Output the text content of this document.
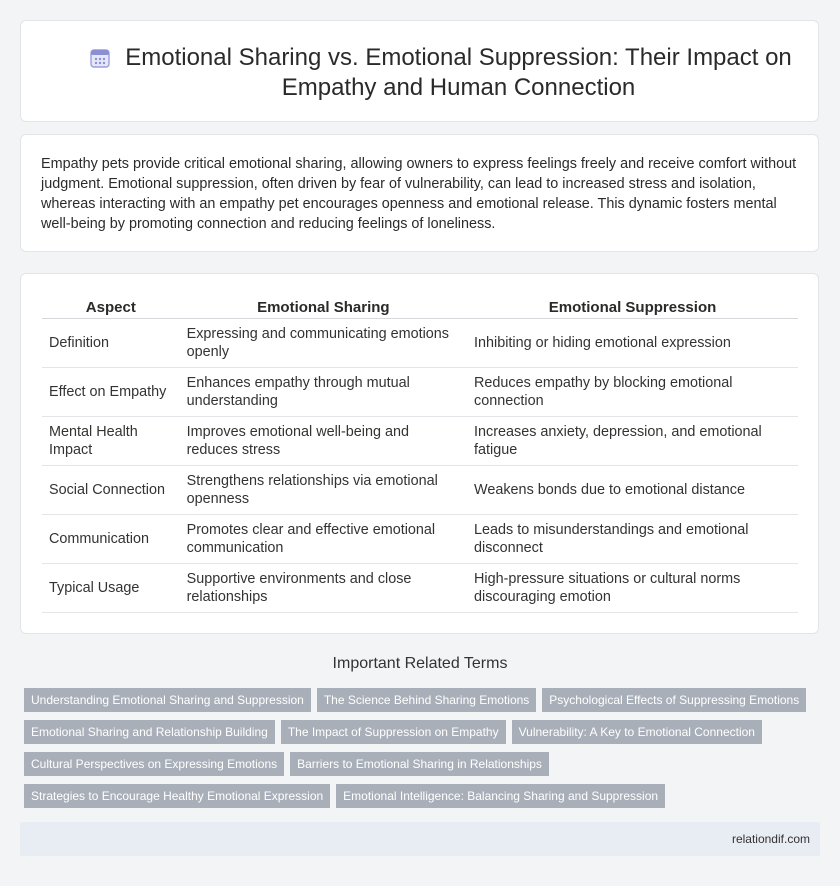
Emotional Sharing vs. Emotional Suppression: Their Impact on Empathy and Human Connection

Empathy pets provide critical emotional sharing, allowing owners to express feelings freely and receive comfort without judgment. Emotional suppression, often driven by fear of vulnerability, can lead to increased stress and isolation, whereas interacting with an empathy pet encourages openness and emotional release. This dynamic fosters mental well-being by promoting connection and reducing feelings of loneliness.

Aspect	Emotional Sharing	Emotional Suppression
Definition	Expressing and communicating emotions openly	Inhibiting or hiding emotional expression
Effect on Empathy	Enhances empathy through mutual understanding	Reduces empathy by blocking emotional connection
Mental Health Impact	Improves emotional well-being and reduces stress	Increases anxiety, depression, and emotional fatigue
Social Connection	Strengthens relationships via emotional openness	Weakens bonds due to emotional distance
Communication	Promotes clear and effective emotional communication	Leads to misunderstandings and emotional disconnect
Typical Usage	Supportive environments and close relationships	High-pressure situations or cultural norms discouraging emotion
Important Related Terms
Understanding Emotional Sharing and Suppression The Science Behind Sharing Emotions Psychological Effects of Suppressing Emotions
Emotional Sharing and Relationship Building The Impact of Suppression on Empathy Vulnerability: A Key to Emotional Connection
Cultural Perspectives on Expressing Emotions Barriers to Emotional Sharing in Relationships
Strategies to Encourage Healthy Emotional Expression Emotional Intelligence: Balancing Sharing and Suppression
relationdif.com
